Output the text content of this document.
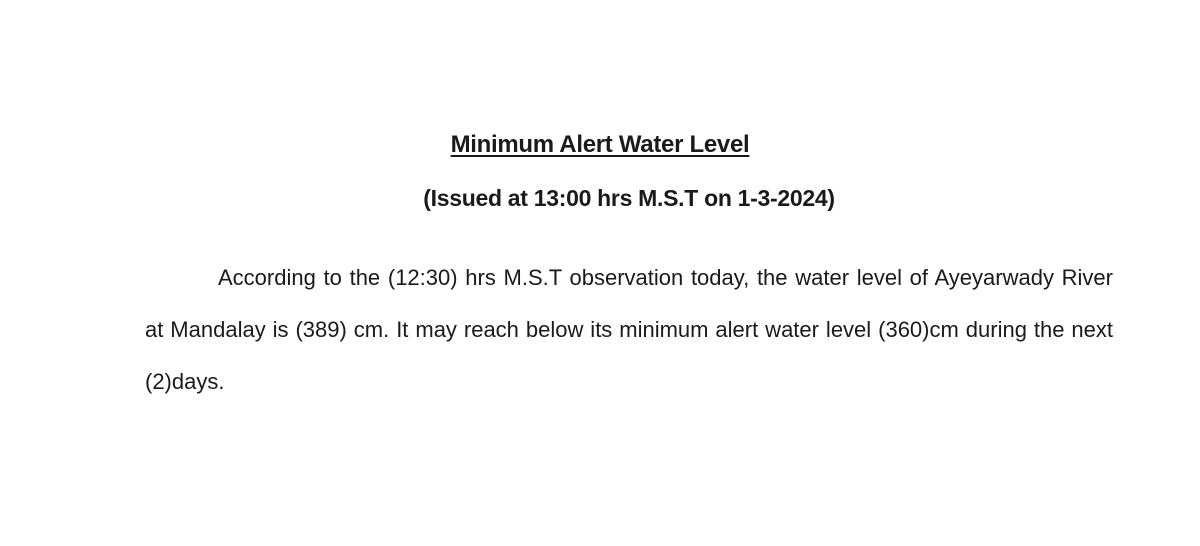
Minimum Alert Water Level

(Issued at 13:00 hrs M.S.T on 1-3-2024)

According to the (12:30) hrs M.S.T observation today, the water level of Ayeyarwady River at Mandalay is (389) cm. It may reach below its minimum alert water level (360)cm during the next (2)days.
